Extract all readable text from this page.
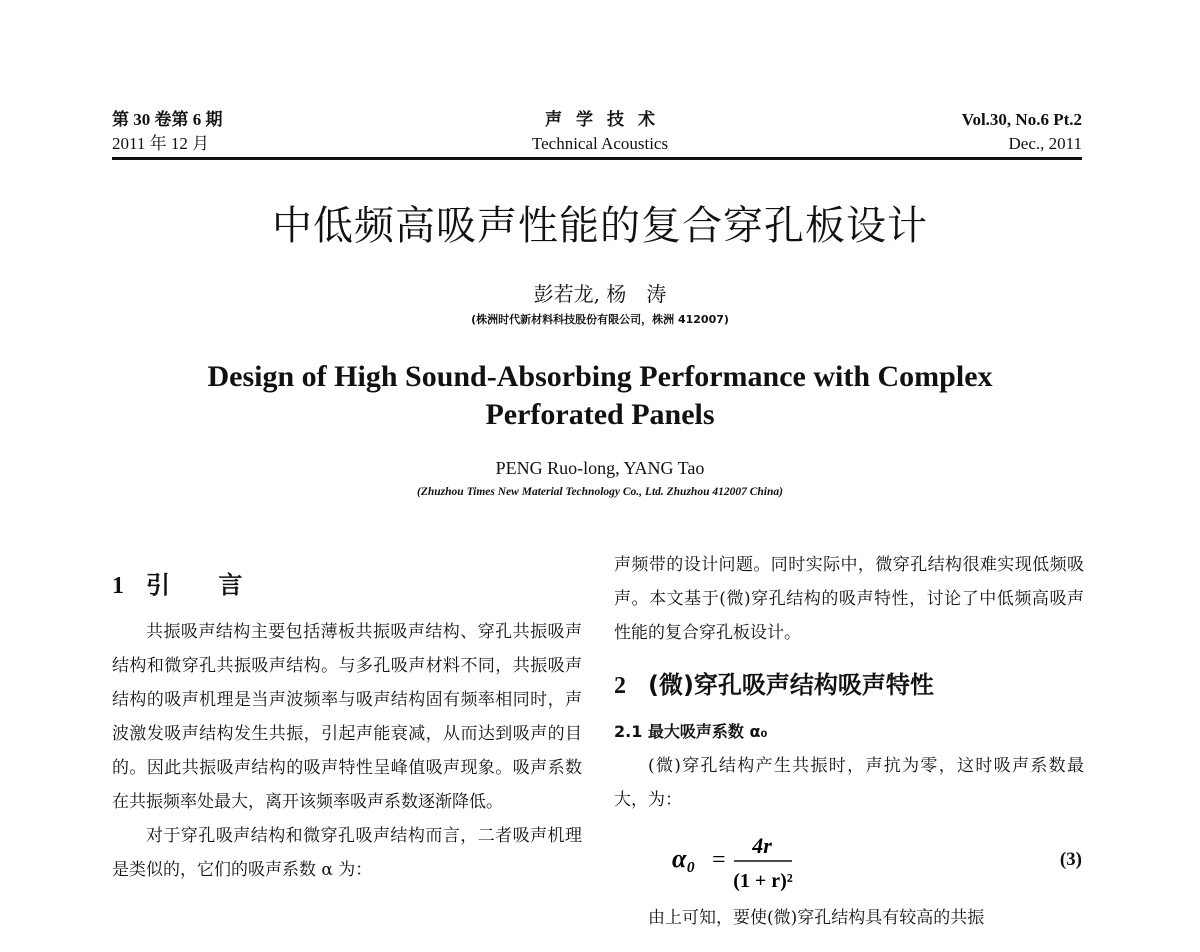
第 30 卷第 6 期
2011 年 12 月
声学技术
Technical Acoustics
Vol.30, No.6 Pt.2
Dec., 2011
中低频高吸声性能的复合穿孔板设计
彭若龙, 杨　涛
(株洲时代新材料科技股份有限公司，株洲 412007)
Design of High Sound-Absorbing Performance with Complex
Perforated Panels
PENG Ruo-long, YANG Tao
(Zhuzhou Times New Material Technology Co., Ltd. Zhuzhou 412007 China)
1 引 言

共振吸声结构主要包括薄板共振吸声结构、穿孔共振吸声结构和微穿孔共振吸声结构。与多孔吸声材料不同，共振吸声结构的吸声机理是当声波频率与吸声结构固有频率相同时，声波激发吸声结构发生共振，引起声能衰减，从而达到吸声的目的。因此共振吸声结构的吸声特性呈峰值吸声现象。吸声系数在共振频率处最大，离开该频率吸声系数逐渐降低。

对于穿孔吸声结构和微穿孔吸声结构而言，二者吸声机理是类似的，它们的吸声系数 α 为：

声频带的设计问题。同时实际中，微穿孔结构很难实现低频吸声。本文基于(微)穿孔结构的吸声特性，讨论了中低频高吸声性能的复合穿孔板设计。

2 (微)穿孔吸声结构吸声特性
2.1 最大吸声系数 α₀

(微)穿孔结构产生共振时，声抗为零，这时吸声系数最大，为：

α₀ =
4r
(1 + r)²
(3)

由上可知，要使(微)穿孔结构具有较高的共振
